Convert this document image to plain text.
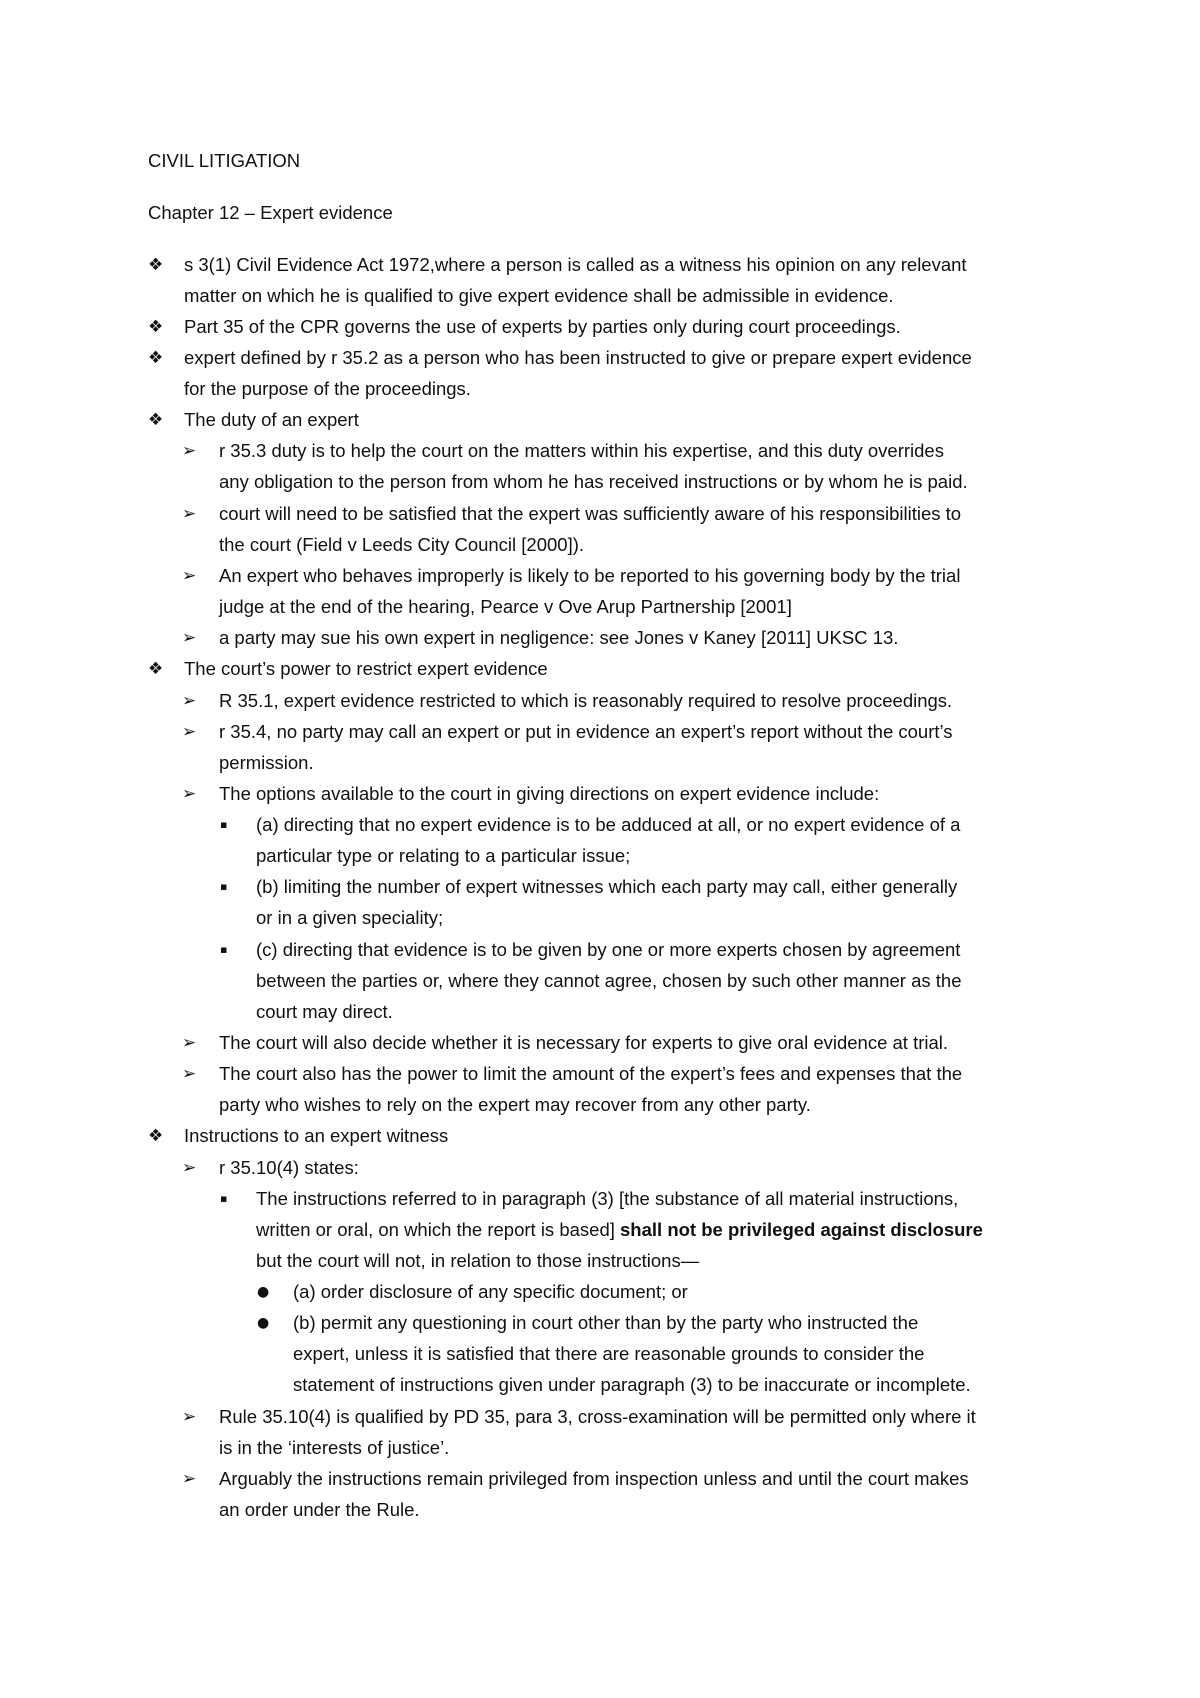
CIVIL LITIGATION
Chapter 12 – Expert evidence
❖ s 3(1) Civil Evidence Act 1972,where a person is called as a witness his opinion on any relevant
matter on which he is qualified to give expert evidence shall be admissible in evidence.
❖ Part 35 of the CPR governs the use of experts by parties only during court proceedings.
❖ expert defined by r 35.2 as a person who has been instructed to give or prepare expert evidence
for the purpose of the proceedings.
❖ The duty of an expert
➢ r 35.3 duty is to help the court on the matters within his expertise, and this duty overrides
any obligation to the person from whom he has received instructions or by whom he is paid.
➢ court will need to be satisfied that the expert was sufficiently aware of his responsibilities to
the court (Field v Leeds City Council [2000]).
➢ An expert who behaves improperly is likely to be reported to his governing body by the trial
judge at the end of the hearing, Pearce v Ove Arup Partnership [2001]
➢ a party may sue his own expert in negligence: see Jones v Kaney [2011] UKSC 13.
❖ The court’s power to restrict expert evidence
➢ R 35.1, expert evidence restricted to which is reasonably required to resolve proceedings.
➢ r 35.4, no party may call an expert or put in evidence an expert’s report without the court’s
permission.
➢ The options available to the court in giving directions on expert evidence include:
▪ (a) directing that no expert evidence is to be adduced at all, or no expert evidence of a
particular type or relating to a particular issue;
▪ (b) limiting the number of expert witnesses which each party may call, either generally
or in a given speciality;
▪ (c) directing that evidence is to be given by one or more experts chosen by agreement
between the parties or, where they cannot agree, chosen by such other manner as the
court may direct.
➢ The court will also decide whether it is necessary for experts to give oral evidence at trial.
➢ The court also has the power to limit the amount of the expert’s fees and expenses that the
party who wishes to rely on the expert may recover from any other party.
❖ Instructions to an expert witness
➢ r 35.10(4) states:
▪ The instructions referred to in paragraph (3) [the substance of all material instructions,
written or oral, on which the report is based] shall not be privileged against disclosure
but the court will not, in relation to those instructions—
● (a) order disclosure of any specific document; or
● (b) permit any questioning in court other than by the party who instructed the
expert, unless it is satisfied that there are reasonable grounds to consider the
statement of instructions given under paragraph (3) to be inaccurate or incomplete.
➢ Rule 35.10(4) is qualified by PD 35, para 3, cross-examination will be permitted only where it
is in the ‘interests of justice’.
➢ Arguably the instructions remain privileged from inspection unless and until the court makes
an order under the Rule.
